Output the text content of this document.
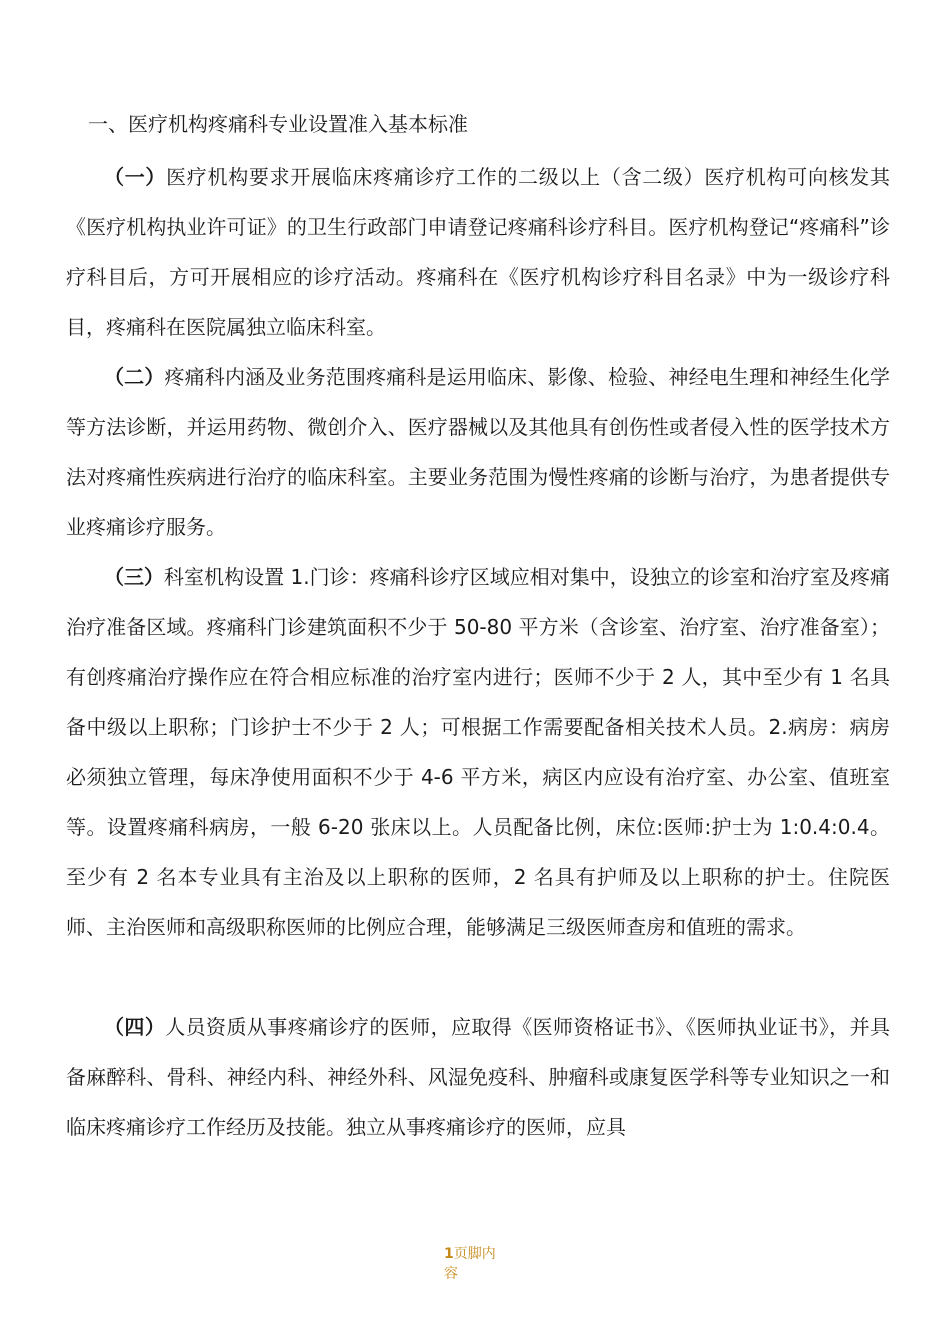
一、医疗机构疼痛科专业设置准入基本标准

（一）医疗机构要求开展临床疼痛诊疗工作的二级以上（含二级）医疗机构可向核发其《医疗机构执业许可证》的卫生行政部门申请登记疼痛科诊疗科目。医疗机构登记“疼痛科”诊疗科目后，方可开展相应的诊疗活动。疼痛科在《医疗机构诊疗科目名录》中为一级诊疗科目，疼痛科在医院属独立临床科室。

（二）疼痛科内涵及业务范围疼痛科是运用临床、影像、检验、神经电生理和神经生化学等方法诊断，并运用药物、微创介入、医疗器械以及其他具有创伤性或者侵入性的医学技术方法对疼痛性疾病进行治疗的临床科室。主要业务范围为慢性疼痛的诊断与治疗，为患者提供专业疼痛诊疗服务。

（三）科室机构设置 1.门诊：疼痛科诊疗区域应相对集中，设独立的诊室和治疗室及疼痛治疗准备区域。疼痛科门诊建筑面积不少于 50-80 平方米（含诊室、治疗室、治疗准备室）；有创疼痛治疗操作应在符合相应标准的治疗室内进行；医师不少于 2 人，其中至少有 1 名具备中级以上职称；门诊护士不少于 2 人；可根据工作需要配备相关技术人员。2.病房：病房必须独立管理，每床净使用面积不少于 4-6 平方米，病区内应设有治疗室、办公室、值班室等。设置疼痛科病房，一般 6-20 张床以上。人员配备比例，床位:医师:护士为 1:0.4:0.4。至少有 2 名本专业具有主治及以上职称的医师，2 名具有护师及以上职称的护士。住院医师、主治医师和高级职称医师的比例应合理，能够满足三级医师查房和值班的需求。

（四）人员资质从事疼痛诊疗的医师，应取得《医师资格证书》、《医师执业证书》，并具备麻醉科、骨科、神经内科、神经外科、风湿免疫科、肿瘤科或康复医学科等专业知识之一和临床疼痛诊疗工作经历及技能。独立从事疼痛诊疗的医师，应具

1页脚内容
